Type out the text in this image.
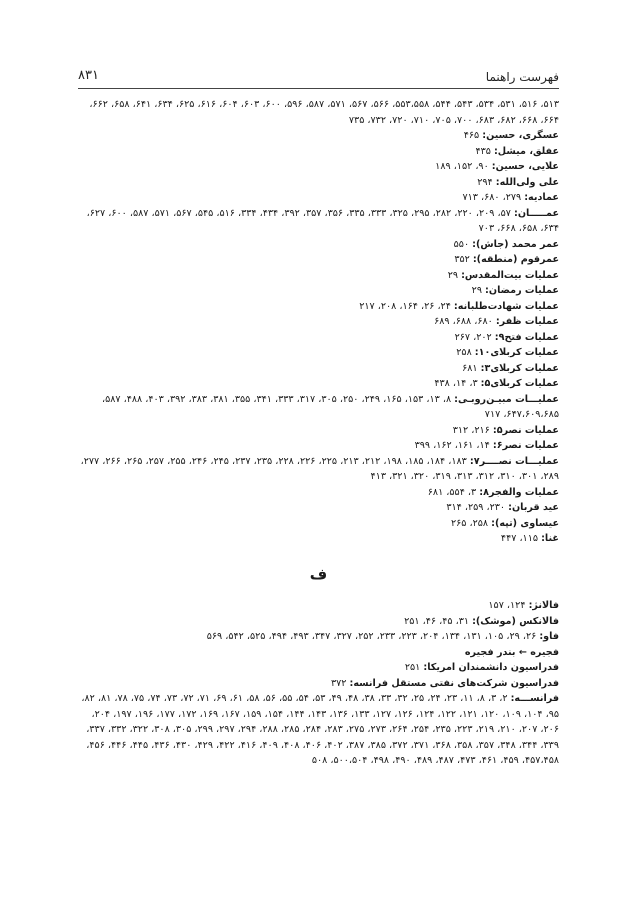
فهرست راهنما
۸۳۱

۵۱۳، ۵۱۶، ۵۳۱، ۵۳۴، ۵۴۳، ۵۴۴، ۵۵۳،۵۵۸، ۵۶۶، ۵۶۷، ۵۷۱، ۵۸۷، ۵۹۶، ۶۰۰، ۶۰۳، ۶۰۴، ۶۱۶، ۶۲۵، ۶۳۴، ۶۴۱، ۶۵۸، ۶۶۲، ۶۶۴، ۶۶۸، ۶۸۲، ۶۸۳، ۷۰۰، ۷۰۵، ۷۱۰، ۷۲۰، ۷۳۲، ۷۳۵

عسگری، حسین: ۴۶۵

عفلق، میشل: ۴۳۵

علایی، حسین: ۹۰، ۱۵۲، ۱۸۹

علی ولی‌الله: ۲۹۴

عمادیه: ۲۷۹، ۶۸۰، ۷۱۳

عمـــــان: ۵۷، ۲۰۹، ۲۲۰، ۲۸۲، ۲۹۵، ۳۲۵، ۳۳۳، ۳۳۵، ۳۵۶، ۳۵۷، ۳۹۲، ۴۳۴، ۳۳۴، ۵۱۶، ۵۴۵، ۵۶۷، ۵۷۱، ۵۸۷، ۶۰۰، ۶۲۷، ۶۳۴، ۶۵۸، ۶۶۸، ۷۰۳

عمر محمد (جاش): ۵۵۰

عمرقوم (منطقه): ۳۵۲

عملیات بیت‌المقدس: ۲۹

عملیات رمضان: ۲۹

عملیات شهادت‌طلبانه: ۲۴، ۲۶، ۱۶۴، ۲۰۸، ۲۱۷

عملیات ظفر: ۶۸۰، ۶۸۸، ۶۸۹

عملیات فتح۹: ۲۰۲، ۲۶۷

عملیات کربلای۱۰: ۲۵۸

عملیات کربلای۳: ۶۸۱

عملیات کربلای۵: ۳، ۱۴، ۴۳۸

عملیـــات مبیـن‌روبـی: ۸، ۱۳، ۱۵۳، ۱۶۵، ۲۴۹، ۲۵۰، ۳۰۵، ۳۱۷، ۳۳۳، ۳۴۱، ۳۵۵، ۳۸۱، ۳۸۳، ۳۹۲، ۴۰۳، ۴۸۸، ۵۸۷، ۶۴۷،۶۰۹،۶۸۵، ۷۱۷

عملیات نصر۵: ۲۱۶، ۳۱۲

عملیات نصر۶: ۱۴، ۱۶۱، ۱۶۲، ۳۹۹

عملیـــات نصــــر۷: ۱۸۳، ۱۸۴، ۱۸۵، ۱۹۸، ۲۱۲، ۲۱۳، ۲۲۵، ۲۲۶، ۲۲۸، ۲۳۵، ۲۳۷، ۲۴۵، ۲۴۶، ۲۵۵، ۲۵۷، ۲۶۵، ۲۶۶، ۲۷۷، ۲۸۹، ۳۰۱، ۳۱۰، ۳۱۲، ۳۱۳، ۳۱۹، ۳۲۰، ۳۲۱، ۴۱۳

عملیات والفجر۸: ۳، ۵۵۴، ۶۸۱

عید قربان: ۲۳۰، ۲۵۹، ۳۱۴

عیساوی (تپه): ۲۵۸، ۲۶۵

غنا: ۱۱۵، ۴۴۷

ف

فالانژ: ۱۲۴، ۱۵۷

فالانکس (موشک): ۳۱، ۴۵، ۴۶، ۲۵۱

فاو: ۲۶، ۲۹، ۱۰۵، ۱۳۱، ۱۳۴، ۲۰۴، ۲۲۳، ۲۳۳، ۲۵۲، ۳۲۷، ۳۴۷، ۴۹۳، ۴۹۴، ۵۲۵، ۵۴۲، ۵۶۹

فجیره ← بندر فجیره

فدراسیون دانشمندان امریکا: ۲۵۱

فدراسیون شرکت‌های نفتی مستقل فرانسه: ۳۷۲

فرانســـه: ۲، ۳، ۸، ۱۱، ۲۳، ۲۴، ۲۵، ۳۲، ۳۳، ۳۸، ۴۸، ۴۹، ۵۳، ۵۴، ۵۵، ۵۶، ۵۸، ۶۱، ۶۹، ۷۱، ۷۲، ۷۳، ۷۴، ۷۵، ۷۸، ۸۱، ۸۲، ۹۵، ۱۰۴، ۱۰۹، ۱۲۰، ۱۲۱، ۱۲۲، ۱۲۴، ۱۲۶، ۱۲۷، ۱۳۳، ۱۳۶، ۱۴۳، ۱۴۴، ۱۵۴، ۱۵۹، ۱۶۷، ۱۶۹، ۱۷۲، ۱۷۷، ۱۹۶، ۱۹۷، ۲۰۴، ۲۰۶، ۲۰۷، ۲۱۰، ۲۱۹، ۲۲۳، ۲۳۵، ۲۵۴، ۲۶۴، ۲۷۳، ۲۷۵، ۲۸۳، ۲۸۴، ۲۸۵، ۲۸۸، ۲۹۴، ۲۹۷، ۲۹۹، ۳۰۵، ۳۰۸، ۳۲۲، ۳۳۲، ۳۳۷، ۳۳۹، ۳۴۴، ۳۴۸، ۳۵۷، ۳۵۸، ۳۶۸، ۳۷۱، ۳۷۲، ۳۸۵، ۳۸۷، ۴۰۲، ۴۰۶، ۴۰۸، ۴۰۹، ۴۱۶، ۴۲۲، ۴۲۹، ۴۳۰، ۴۳۶، ۴۴۵، ۴۴۶، ۴۵۶، ۴۵۷،۴۵۸، ۴۵۹، ۴۶۱، ۴۷۳، ۴۸۷، ۴۸۹، ۴۹۰، ۴۹۸، ۵۰۰،۵۰۴، ۵۰۸
